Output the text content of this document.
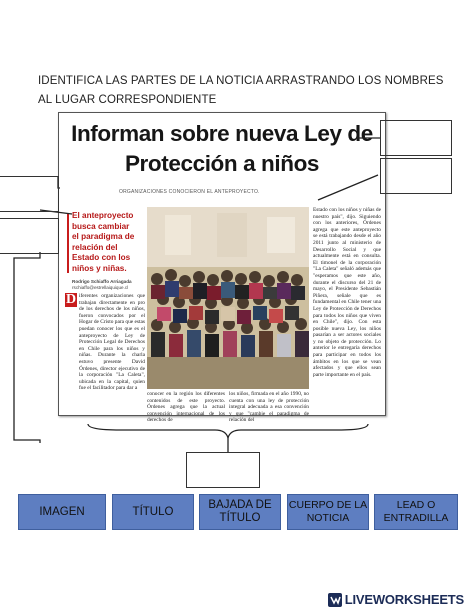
IDENTIFICA LAS PARTES DE LA NOTICIA ARRASTRANDO LOS NOMBRES AL LUGAR CORRESPONDIENTE
Informan sobre nueva Ley de Protección a niños
ORGANIZACIONES CONOCIERON EL ANTEPROYECTO.
El anteproyecto busca cambiar el paradigma de relación del Estado con los niños y niñas.
Rodrigo Schiaffo Arriagada
rschiaffo@estrellaiquique.cl
D iferentes organizaciones que trabajan directamente en pro de los derechos de los niños, fueron convocados por el Hogar de Cristo para que estas puedan conocer los que es el anteproyecto de Ley de Protección Legal de Derechos en Chile para los niños y niñas. Durante la charla estuvo presente David Órdenes, director ejecutivo de la corporación "La Caleta", ubicada en la capital, quien fue el facilitador para dar a
conocer en la región los diferentes contenidos de este proyecto. Órdenes agrega que la actual convención internacional de los derechos de
los niños, firmada en el año 1990, no cuenta con una ley de protección integral adecuada a esa convención y que "cambie el paradigma de relación del
Estado con los niños y niñas de nuestro país", dijo. Siguiendo con los anteriores, Órdenes agrega que este anteproyecto se está trabajando desde el año 2011 junto al ministerio de Desarrollo Social y que actualmente está en consulta. El timonel de la corporación "La Caleta" señaló además que "esperamos que este año, durante el discurso del 21 de mayo, el Presidente Sebastián Piñera, señale que es fundamental en Chile tener una Ley de Protección de Derechos para todos los niños que viven en Chile", dijo. Con esta posible nueva Ley, los niños pasarían a ser actores sociales y no objeto de protección. Lo anterior le entregaría derechos para participar en todos los ámbitos en los que se vean afectados y que ellos sean parte importante en el país.
IMAGEN	TÍTULO
BAJADA DE TÍTULO
CUERPO DE LA NOTICIA
LEAD O ENTRADILLA
LIVEWORKSHEETS
